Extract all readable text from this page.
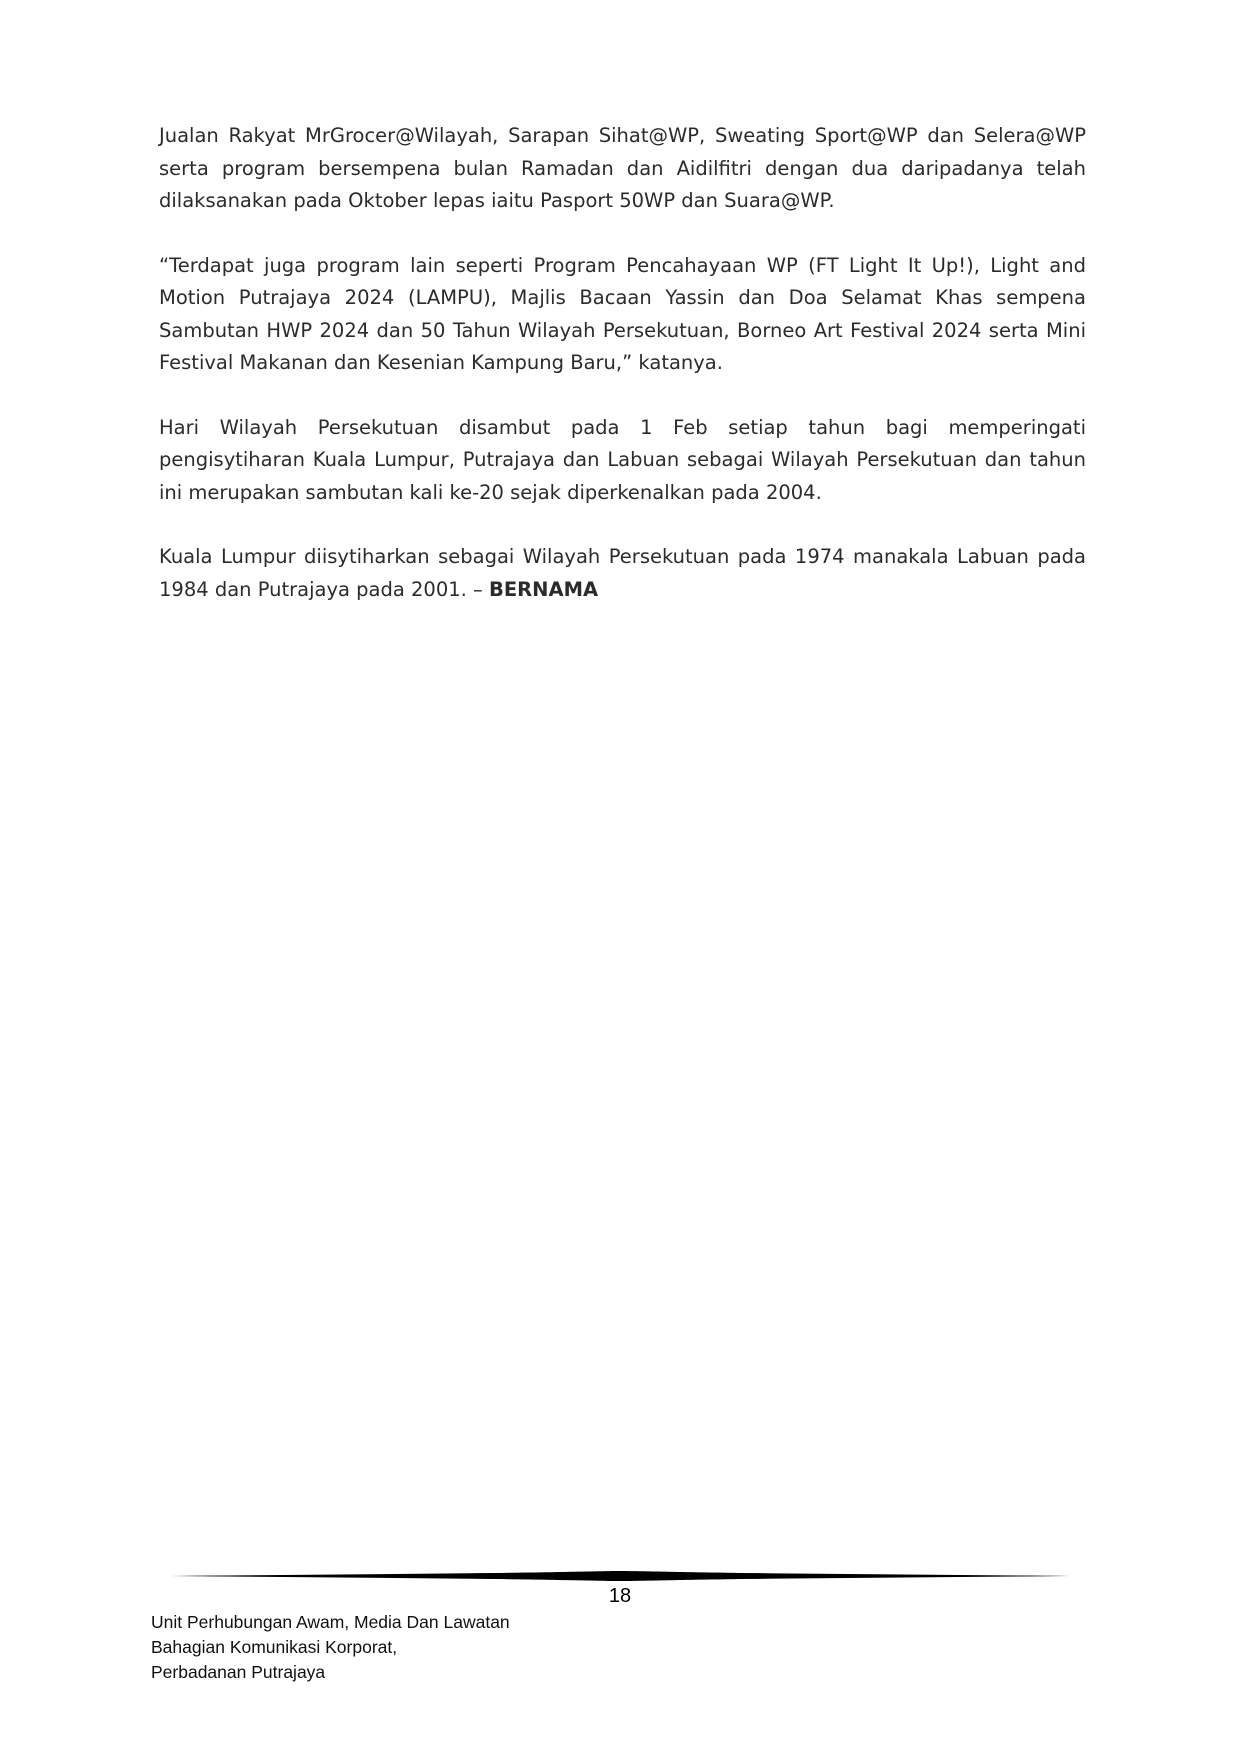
Jualan Rakyat MrGrocer@Wilayah, Sarapan Sihat@WP, Sweating Sport@WP dan Selera@WP serta program bersempena bulan Ramadan dan Aidilfitri dengan dua daripadanya telah dilaksanakan pada Oktober lepas iaitu Pasport 50WP dan Suara@WP.

“Terdapat juga program lain seperti Program Pencahayaan WP (FT Light It Up!), Light and Motion Putrajaya 2024 (LAMPU), Majlis Bacaan Yassin dan Doa Selamat Khas sempena Sambutan HWP 2024 dan 50 Tahun Wilayah Persekutuan, Borneo Art Festival 2024 serta Mini Festival Makanan dan Kesenian Kampung Baru,” katanya.

Hari Wilayah Persekutuan disambut pada 1 Feb setiap tahun bagi memperingati pengisytiharan Kuala Lumpur, Putrajaya dan Labuan sebagai Wilayah Persekutuan dan tahun ini merupakan sambutan kali ke-20 sejak diperkenalkan pada 2004.

Kuala Lumpur diisytiharkan sebagai Wilayah Persekutuan pada 1974 manakala Labuan pada 1984 dan Putrajaya pada 2001. – BERNAMA

18
Unit Perhubungan Awam, Media Dan Lawatan
Bahagian Komunikasi Korporat,
Perbadanan Putrajaya
